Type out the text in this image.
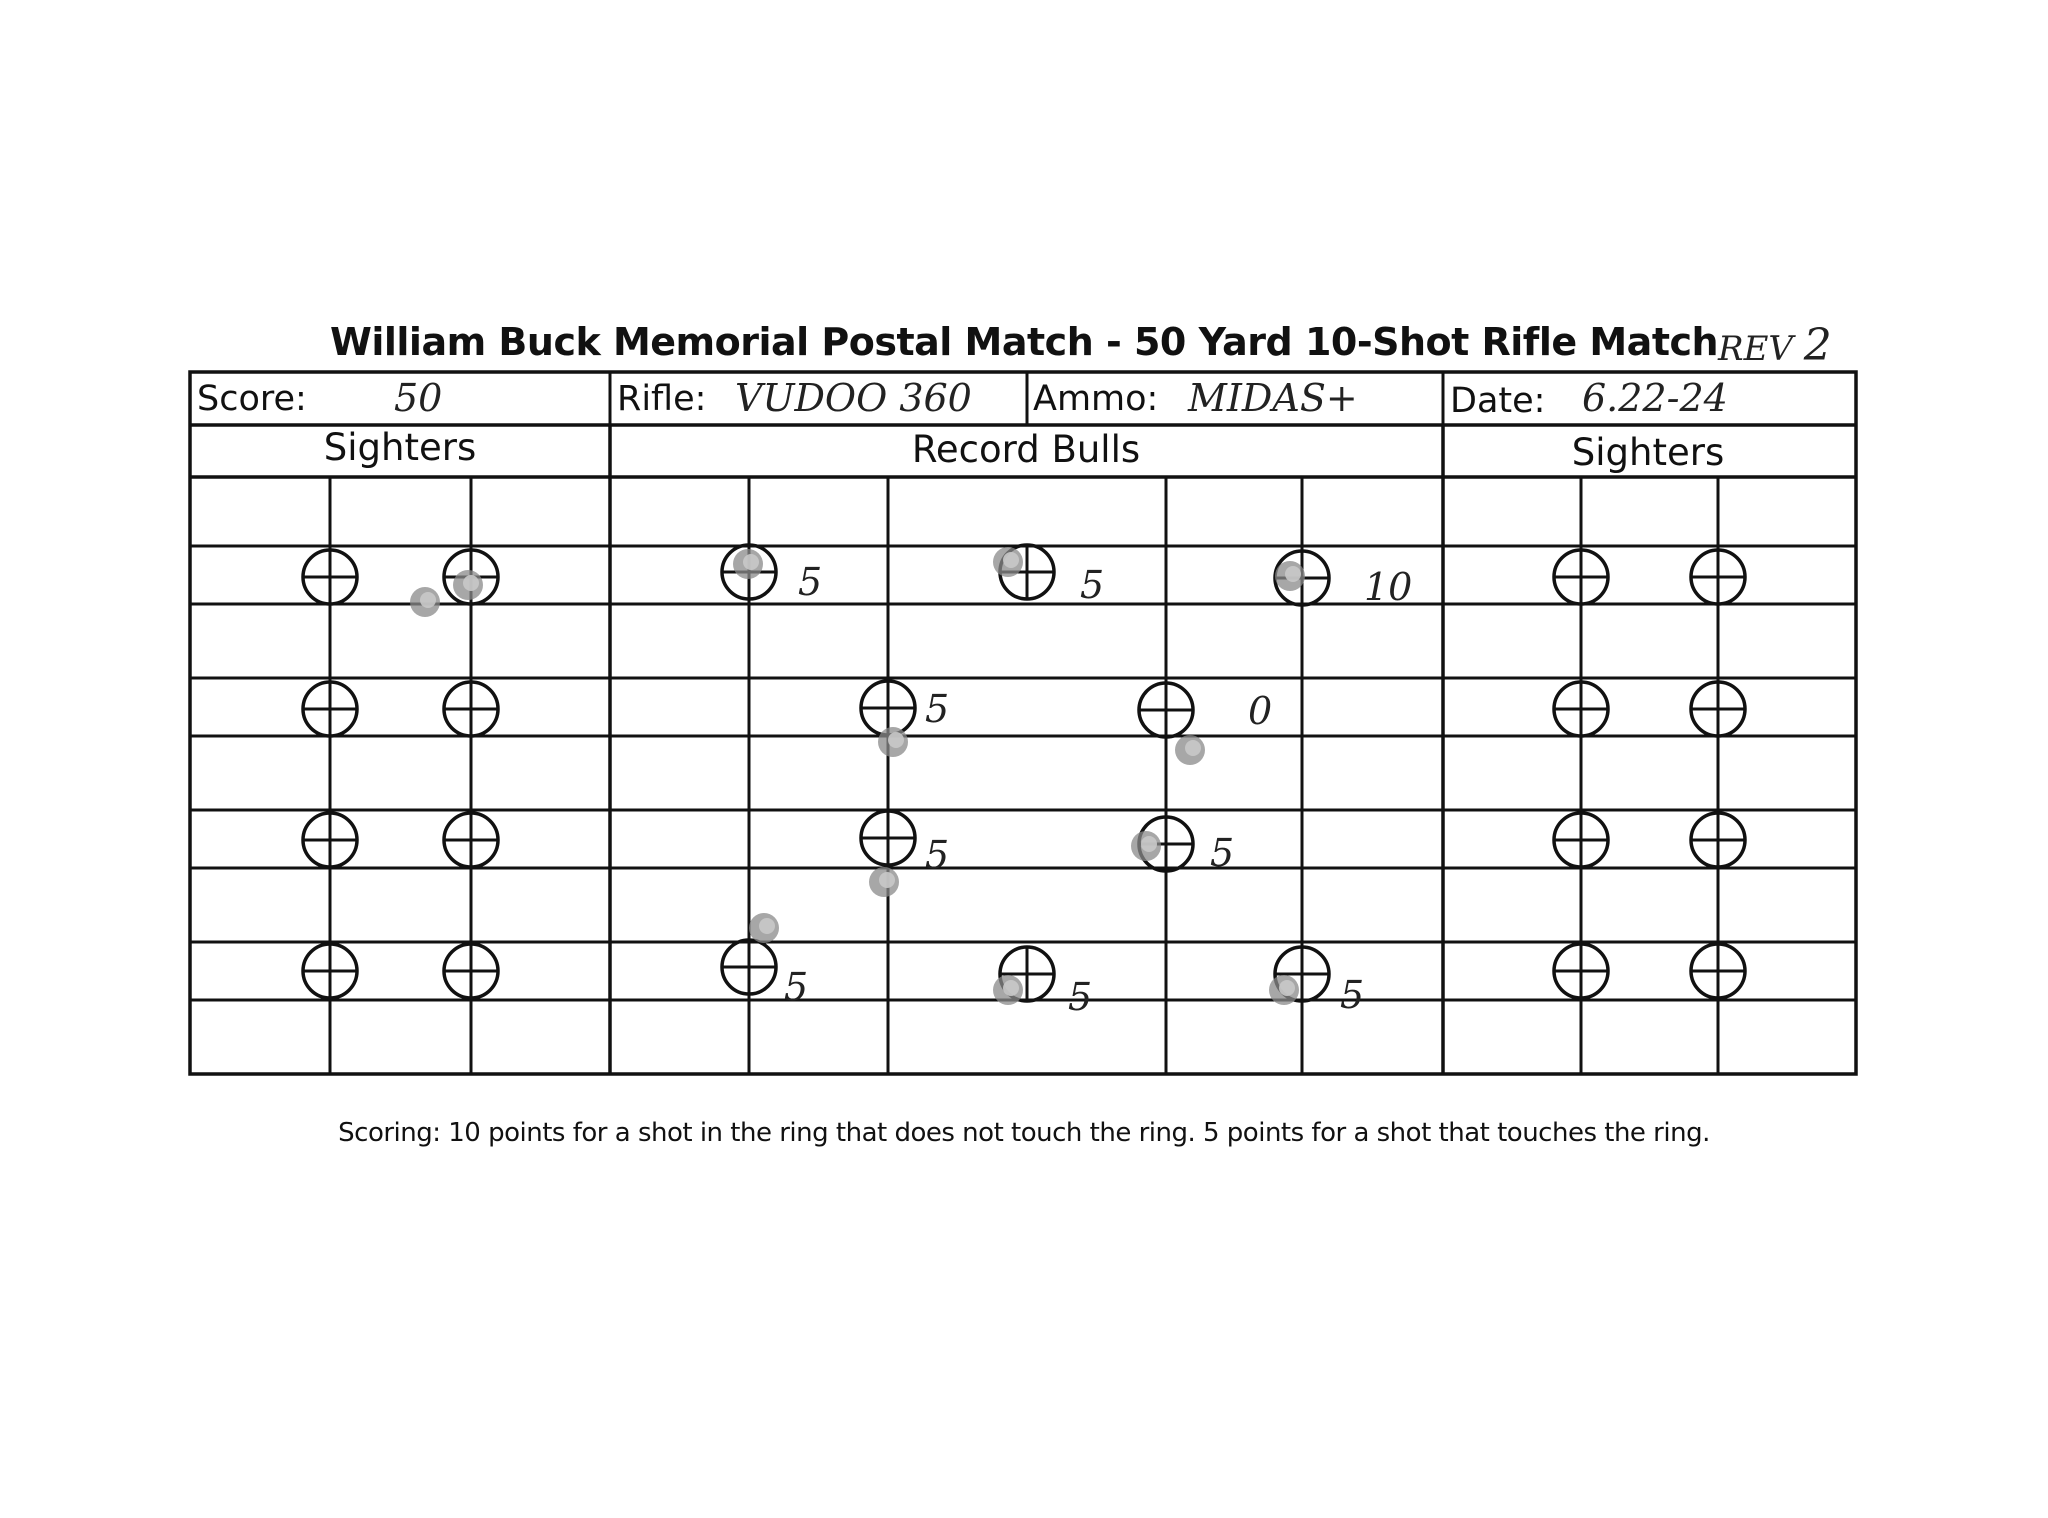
William Buck Memorial Postal Match - 50 Yard 10-Shot Rifle Match REV 2
5	5	10
5	0
5	5
5	5	5
Score: 50	Rifle: VUDOO 360 Ammo: MIDAS+	Date: 6.22-24
Sighters	Record Bulls	Sighters
Scoring: 10 points for a shot in the ring that does not touch the ring. 5 points for a shot that touches the ring.
